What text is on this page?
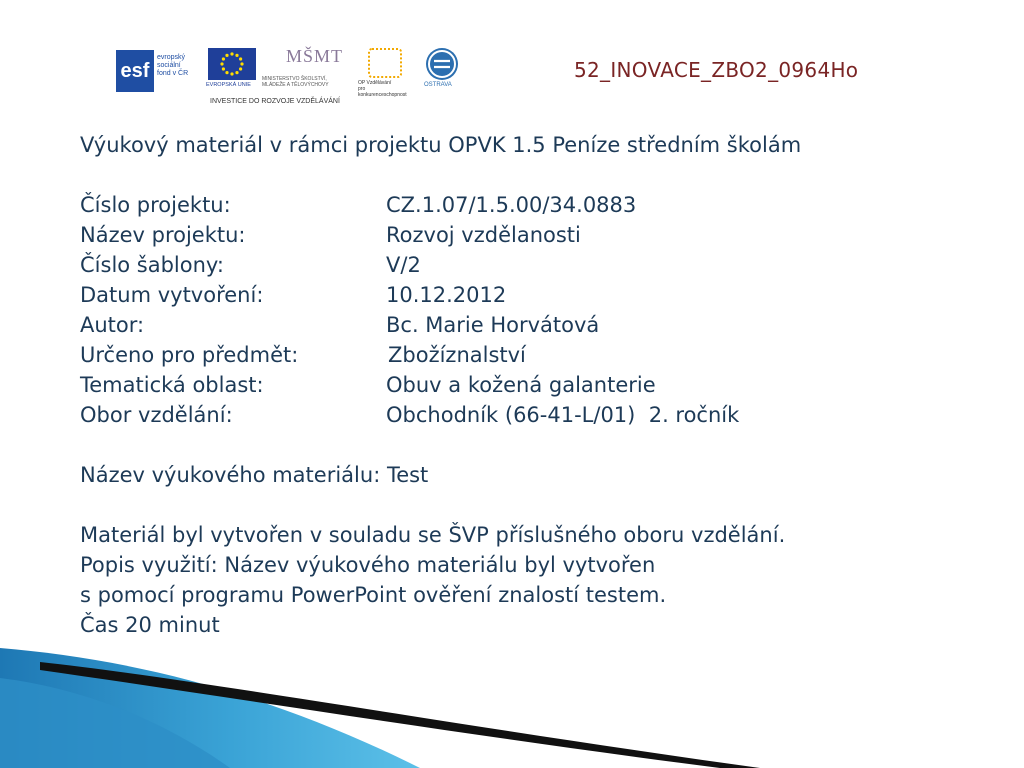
esf
evropský
sociální
fond v ČR
EVROPSKÁ UNIE
MŠMT
MINISTERSTVO ŠKOLSTVÍ,
MLÁDEŽE A TĚLOVÝCHOVY	OP Vzdělávání
pro konkurenceschopnost
OSTRAVA
INVESTICE DO ROZVOJE VZDĚLÁVÁNÍ
52_INOVACE_ZBO2_0964Ho
Výukový materiál v rámci projektu OPVK 1.5 Peníze středním školám
Číslo projektu:	CZ.1.07/1.5.00/34.0883
Název projektu:	Rozvoj vzdělanosti
Číslo šablony:	V/2
Datum vytvoření:	10.12.2012
Autor:	Bc. Marie Horvátová
Určeno pro předmět:	Zbožíznalství
Tematická oblast:	Obuv a kožená galanterie
Obor vzdělání:	Obchodník (66-41-L/01)  2. ročník
Název výukového materiálu: Test
Materiál byl vytvořen v souladu se ŠVP příslušného oboru vzdělání.
Popis využití: Název výukového materiálu byl vytvořen
s pomocí programu PowerPoint ověření znalostí testem.
Čas 20 minut
